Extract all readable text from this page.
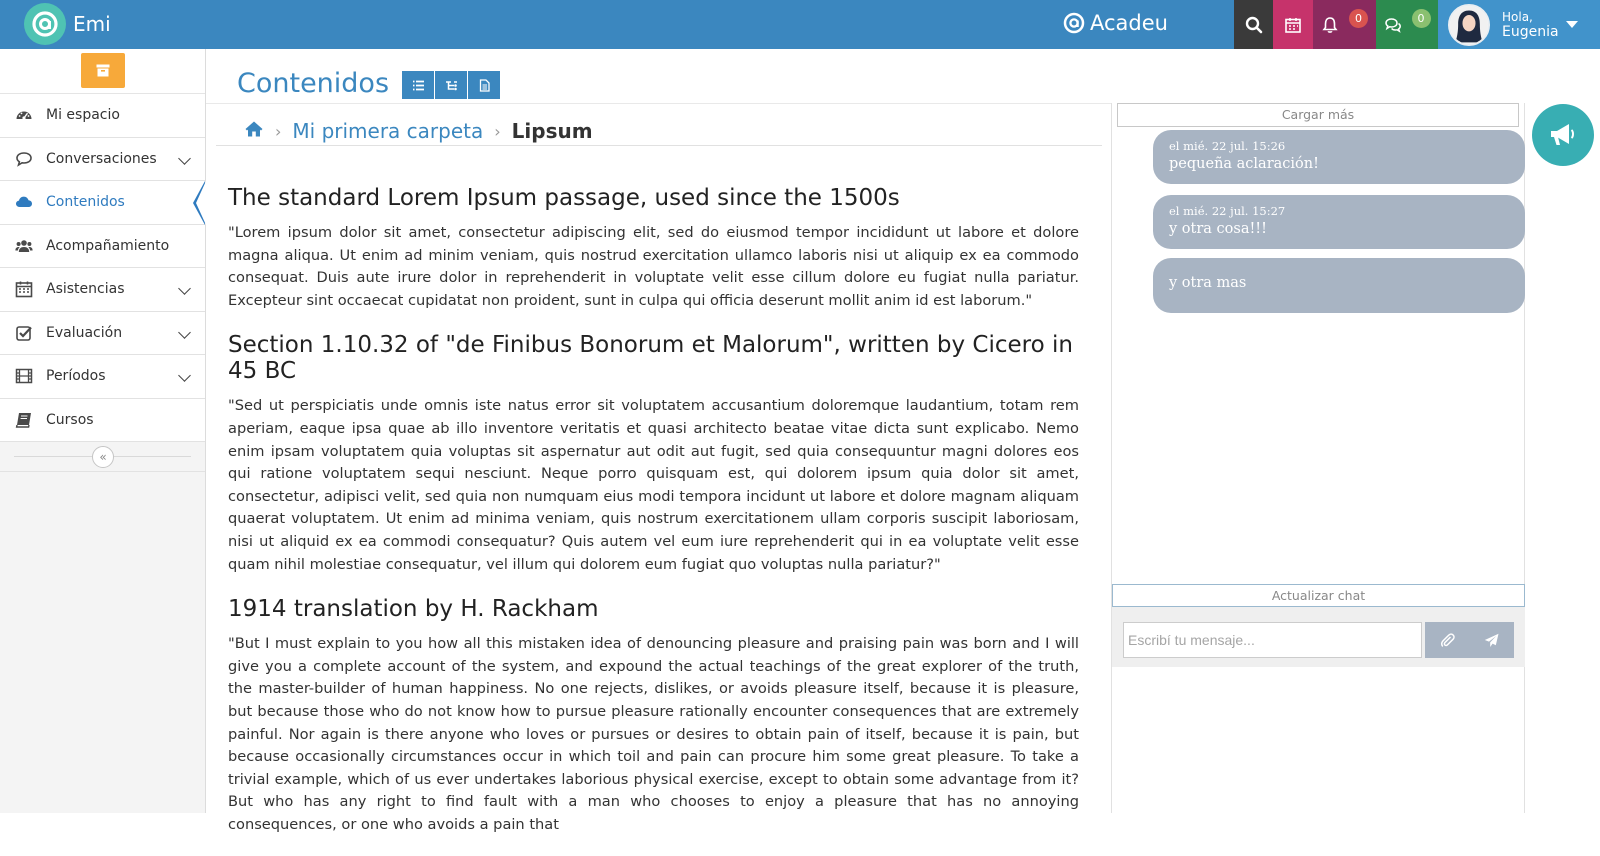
Emi	Acadeu	0	0	Hola,
Eugenia
Mi espacio
Conversaciones
Contenidos
Acompañamiento
Asistencias
Evaluación
Períodos
Cursos
«
Contenidos
› Mi primera carpeta › Lipsum
The standard Lorem Ipsum passage, used since the 1500s

"Lorem ipsum dolor sit amet, consectetur adipiscing elit, sed do eiusmod tempor incididunt ut labore et dolore magna aliqua. Ut enim ad minim veniam, quis nostrud exercitation ullamco laboris nisi ut aliquip ex ea commodo consequat. Duis aute irure dolor in reprehenderit in voluptate velit esse cillum dolore eu fugiat nulla pariatur. Excepteur sint occaecat cupidatat non proident, sunt in culpa qui officia deserunt mollit anim id est laborum."

Section 1.10.32 of "de Finibus Bonorum et Malorum", written by Cicero in 45 BC

"Sed ut perspiciatis unde omnis iste natus error sit voluptatem accusantium doloremque laudantium, totam rem aperiam, eaque ipsa quae ab illo inventore veritatis et quasi architecto beatae vitae dicta sunt explicabo. Nemo enim ipsam voluptatem quia voluptas sit aspernatur aut odit aut fugit, sed quia consequuntur magni dolores eos qui ratione voluptatem sequi nesciunt. Neque porro quisquam est, qui dolorem ipsum quia dolor sit amet, consectetur, adipisci velit, sed quia non numquam eius modi tempora incidunt ut labore et dolore magnam aliquam quaerat voluptatem. Ut enim ad minima veniam, quis nostrum exercitationem ullam corporis suscipit laboriosam, nisi ut aliquid ex ea commodi consequatur? Quis autem vel eum iure reprehenderit qui in ea voluptate velit esse quam nihil molestiae consequatur, vel illum qui dolorem eum fugiat quo voluptas nulla pariatur?"

1914 translation by H. Rackham

"But I must explain to you how all this mistaken idea of denouncing pleasure and praising pain was born and I will give you a complete account of the system, and expound the actual teachings of the great explorer of the truth, the master-builder of human happiness. No one rejects, dislikes, or avoids pleasure itself, because it is pleasure, but because those who do not know how to pursue pleasure rationally encounter consequences that are extremely painful. Nor again is there anyone who loves or pursues or desires to obtain pain of itself, because it is pain, but because occasionally circumstances occur in which toil and pain can procure him some great pleasure. To take a trivial example, which of us ever undertakes laborious physical exercise, except to obtain some advantage from it? But who has any right to find fault with a man who chooses to enjoy a pleasure that has no annoying consequences, or one who avoids a pain that

Cargar más
el mié. 22 jul. 15:26
pequeña aclaración!
el mié. 22 jul. 15:27
y otra cosa!!!
y otra mas
Actualizar chat
Escribí tu mensaje...
